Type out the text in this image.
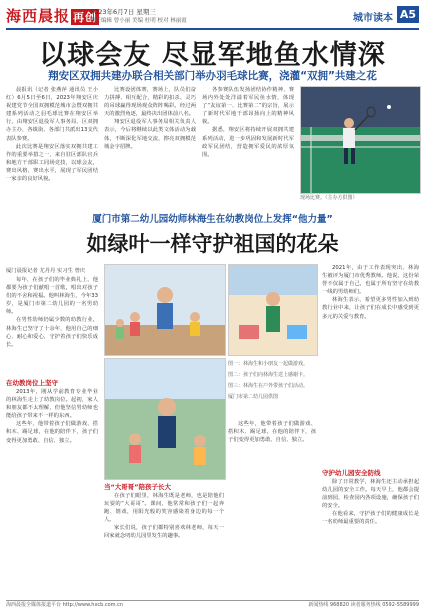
海西晨报 再创
2023年6月7日 星期三
责任编辑 曾小丽 美编 杜明 校对 林丽霞	城市读本 A5
以球会友 尽显军地鱼水情深
翔安区双拥共建办联合相关部门举办羽毛球比赛，浇灌“双拥”共建之花

晨报讯（记者 张燕萍 通讯员 王小红）6月5日至6日，2023年翔安区庆祝建党节全国双拥模范城市会暨双拥共建系列活动之羽毛球比赛在翔安区举行，由翔安区退役军人事务局、区双拥办主办，各镇街、各部门共派出13支代表队参赛。

此次比赛是翔安区落实双拥共建工作的重要举措之一，来自驻区部队官兵和地方干部职工同场竞技，以球会友，赛出风格、赛出水平，展现了军民团结一家亲的良好风貌。

比赛设团体赛，赛场上，队员们奋力拼搏、相互配合，精彩的扣杀、灵巧的吊球赢得现场观众阵阵喝彩。经过两天的激烈角逐，最终决出团体前八名。

翔安区退役军人事务局相关负责人表示，今后将继续以此类文体活动为载体，不断深化军地交流，擦亮双拥模范城金字招牌。

各参赛队伍发扬团结协作精神，赛场内外处处洋溢着军民鱼水情，体现了“友谊第一、比赛第二”的宗旨，展示了新时代军地干部昂扬向上的精神风貌。

据悉，翔安区将持续开展双拥共建系列活动，进一步巩固和发展新时代军政军民团结，营造拥军爱民的浓厚氛围。

现场比赛。（主办方供图）
厦门市第二幼儿园幼师林海生在幼教岗位上发挥“他力量”
如绿叶一样守护祖国的花朵
厦门晨报记者 尤丹丹 实习生 曾庆

每年，在孩子们的毕业典礼上，他都要为孩子们献唱一首歌，唱出对孩子们的不舍和祝福。他叫林海生，今年33岁，是厦门市第二幼儿园的一名男幼师。

在男性幼师仍属少数的幼教行业，林海生已坚守了十余年，他用自己的细心、耐心和爱心，守护着孩子们快乐成长。

在幼教岗位上坚守

2013年，刚从学前教育专业毕业的林海生走上了幼教岗位。起初，家人和朋友都不太理解，但他坚信男幼师也能给孩子带来不一样的东西。

这些年，他带着孩子们做游戏、搭积木、踢足球，在他的陪伴下，孩子们变得更加勇敢、自信、独立。

图一：林海生和小朋友一起做游戏。
图二：孩子们向林海生送上感谢卡。
图三：林海生在户外带孩子们活动。
厦门市第二幼儿园供图
当“大哥哥”陪孩子长大

在孩子们眼里，林海生既是老师，也是陪他们玩耍的“大哥哥”。课间，他常常和孩子们一起奔跑、嬉戏，用阳光般的笑容感染着身边的每一个人。

家长们说，孩子们都特别喜欢林老师，每天一回家就念叨幼儿园里发生的趣事。

这些年，他带着孩子们做游戏、搭积木、踢足球，在他的陪伴下，孩子们变得更加勇敢、自信、独立。

2021年，由于工作表现突出，林海生被评为厦门市优秀教师。他说，这份荣誉不仅属于自己，也属于所有坚守在幼教一线的男幼师们。

林海生表示，希望更多男性加入到幼教行业中来，让孩子们在成长中感受到更多元的关爱与教育。

守护幼儿园安全防线

除了日常教学，林海生还主动承担起幼儿园的安全工作。每天早上，他都会提前到园，检查园内各项设施，确保孩子们的安全。

在他看来，守护孩子们的健康成长是一名幼师最重要的责任。

海西晨报全媒体报道平台 http://www.hxcb.com.cn	新闻热线 968820 读者服务热线 0592-5589999
